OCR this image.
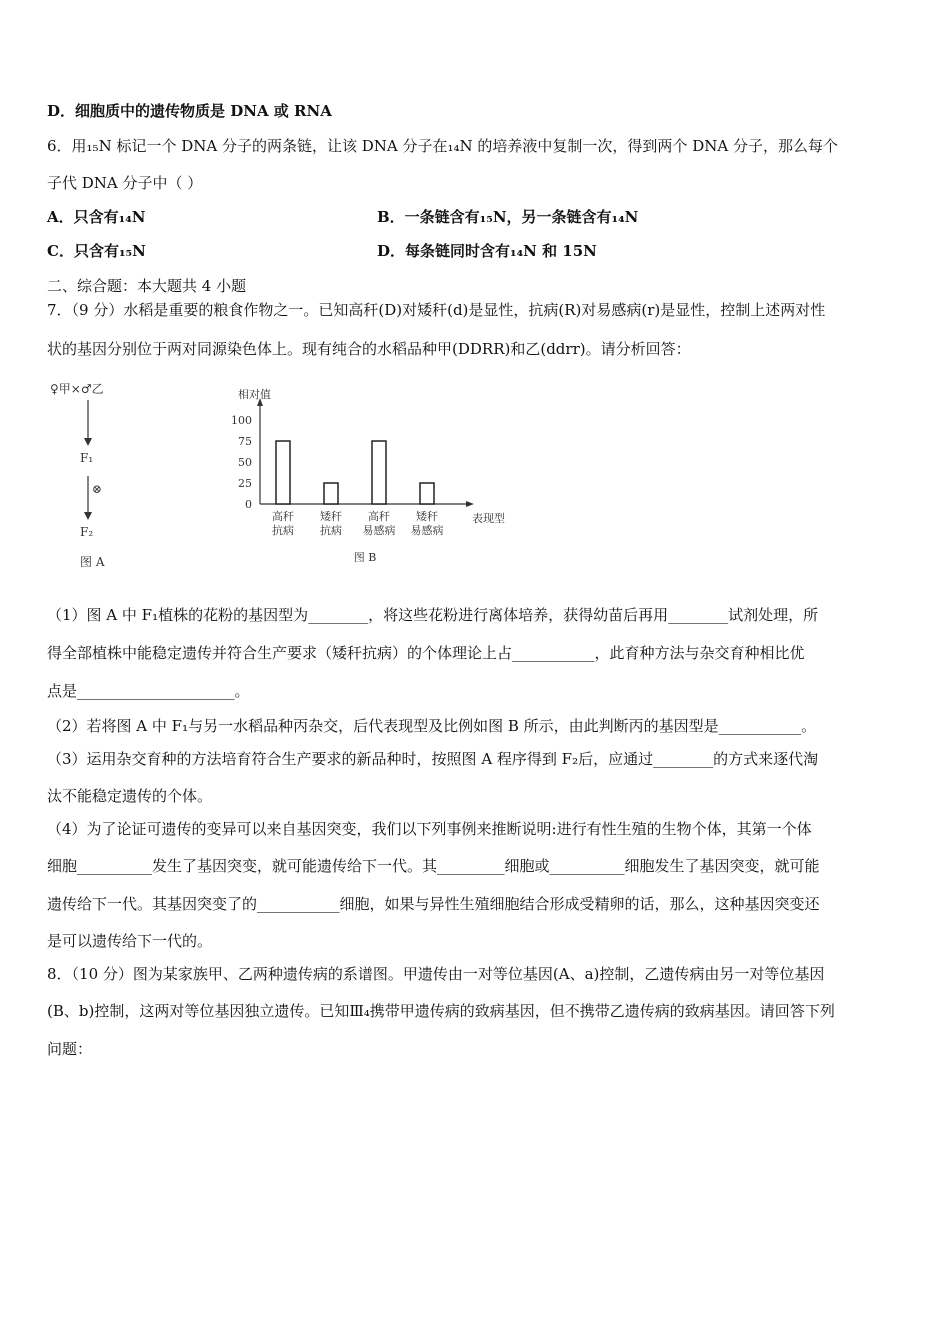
D．细胞质中的遗传物质是 DNA 或 RNA
6．用₁₅N 标记一个 DNA 分子的两条链，让该 DNA 分子在₁₄N 的培养液中复制一次，得到两个 DNA 分子，那么每个
子代 DNA 分子中（ ）
A．只含有₁₄N	B．一条链含有₁₅N，另一条链含有₁₄N
C．只含有₁₅N	D．每条链同时含有₁₄N 和 15N
二、综合题：本大题共 4 小题
7．（9 分）水稻是重要的粮食作物之一。已知高秆(D)对矮秆(d)是显性，抗病(R)对易感病(r)是显性，控制上述两对性
状的基因分别位于两对同源染色体上。现有纯合的水稻品种甲(DDRR)和乙(ddrr)。请分析回答：
♀甲×♂乙
F₁
⊗
F₂
图 A
相对值
表现型
0
25
50
75
100
高秆
抗病
矮秆
抗病
高秆
易感病
矮秆
易感病
图 B
（1）图 A 中 F₁植株的花粉的基因型为________，将这些花粉进行离体培养，获得幼苗后再用________试剂处理，所
得全部植株中能稳定遗传并符合生产要求（矮秆抗病）的个体理论上占___________，此育种方法与杂交育种相比优
点是_____________________。
（2）若将图 A 中 F₁与另一水稻品种丙杂交，后代表现型及比例如图 B 所示，由此判断丙的基因型是___________。
（3）运用杂交育种的方法培育符合生产要求的新品种时，按照图 A 程序得到 F₂后，应通过________的方式来逐代淘
汰不能稳定遗传的个体。
（4）为了论证可遗传的变异可以来自基因突变，我们以下列事例来推断说明:进行有性生殖的生物个体，其第一个体
细胞__________发生了基因突变，就可能遗传给下一代。其_________细胞或__________细胞发生了基因突变，就可能
遗传给下一代。其基因突变了的___________细胞，如果与异性生殖细胞结合形成受精卵的话，那么，这种基因突变还
是可以遗传给下一代的。
8．（10 分）图为某家族甲、乙两种遗传病的系谱图。甲遗传由一对等位基因(A、a)控制，乙遗传病由另一对等位基因
(B、b)控制，这两对等位基因独立遗传。已知Ⅲ₄携带甲遗传病的致病基因，但不携带乙遗传病的致病基因。请回答下列
问题：
